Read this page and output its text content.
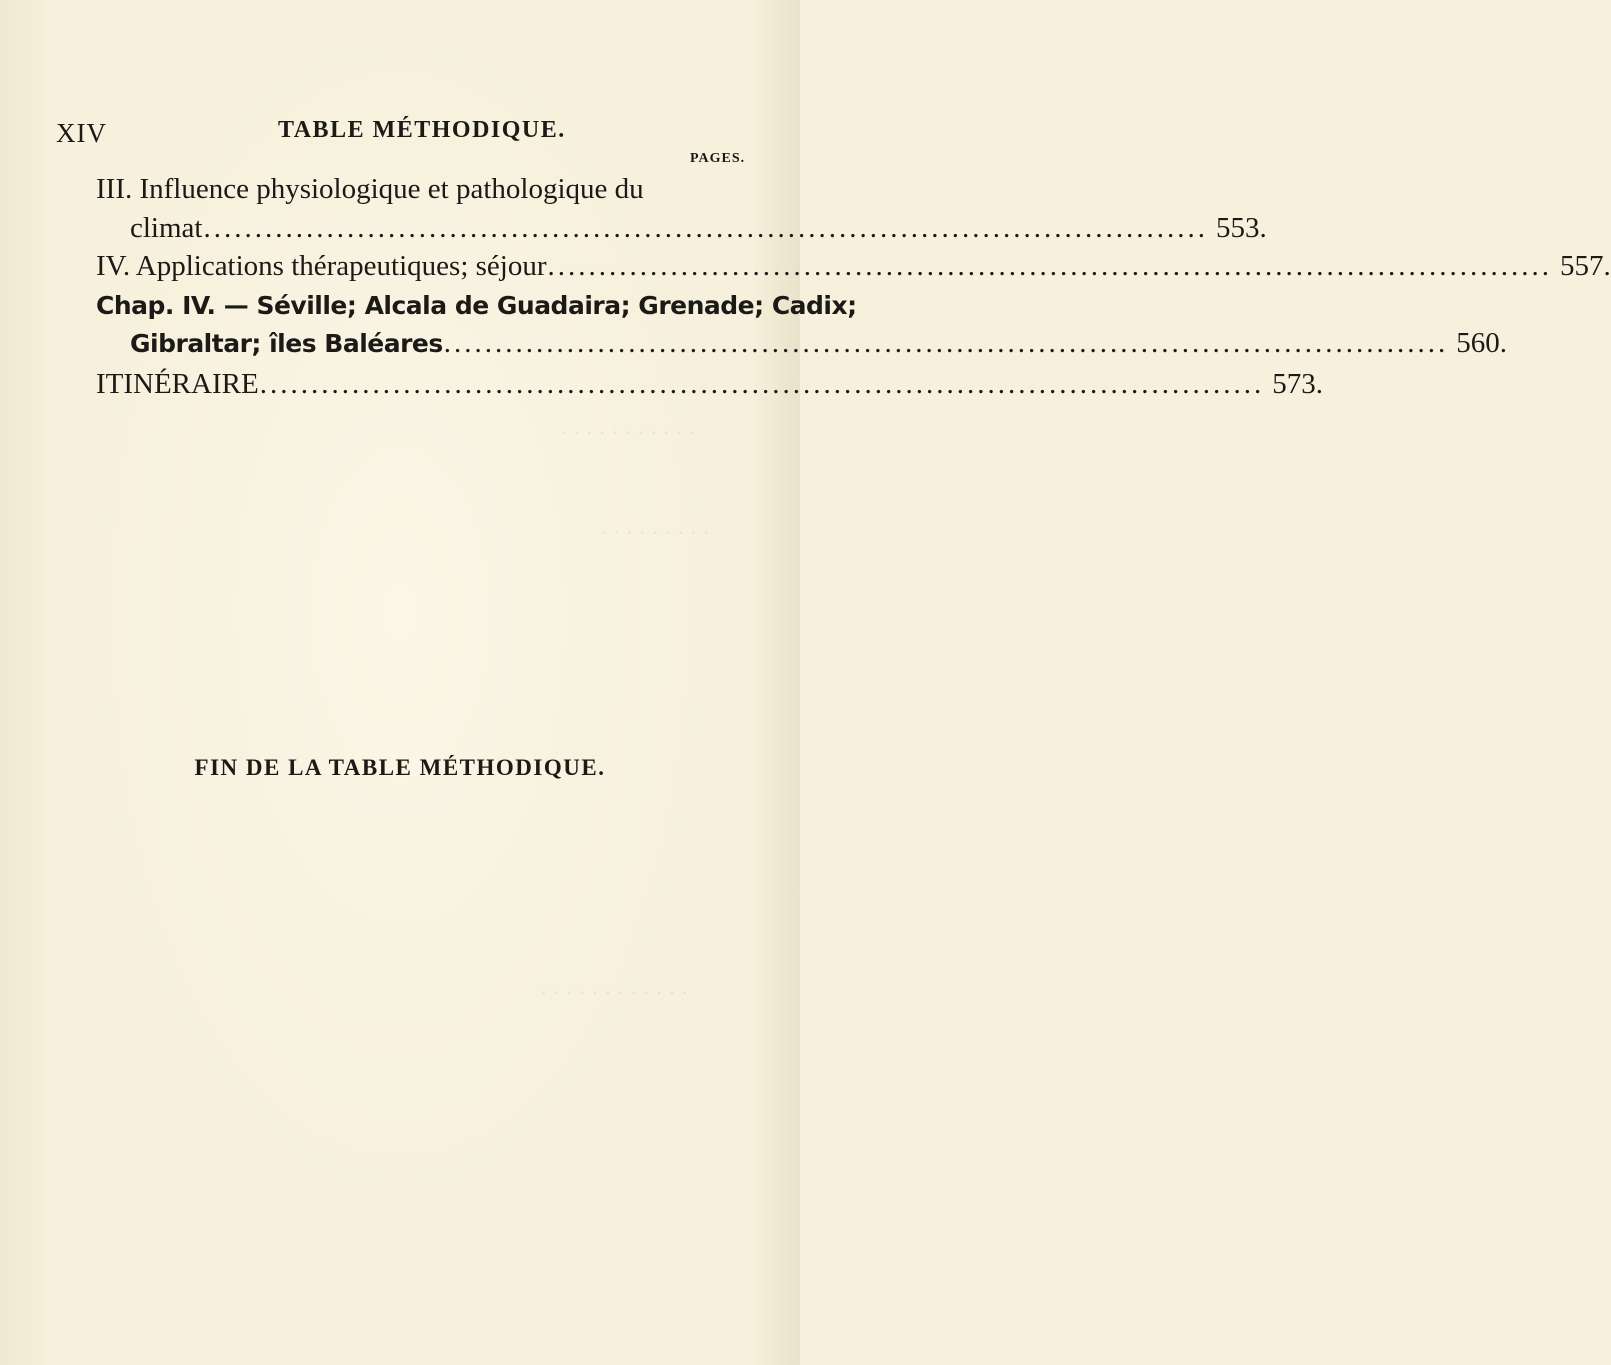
· · · · · · · · · · ·
· · · · · · · · ·
· · · · · · · · · · · ·
XIV	TABLE MÉTHODIQUE.
PAGES.
III. Influence physiologique et pathologique du
climat .................................................................................................. 553.
IV. Applications thérapeutiques; séjour .................................................................................................. 557.
Chap. IV. — Séville; Alcala de Guadaira; Grenade; Cadix;
Gibraltar; îles Baléares .................................................................................................. 560.
ITINÉRAIRE .................................................................................................. 573.
FIN DE LA TABLE MÉTHODIQUE.
